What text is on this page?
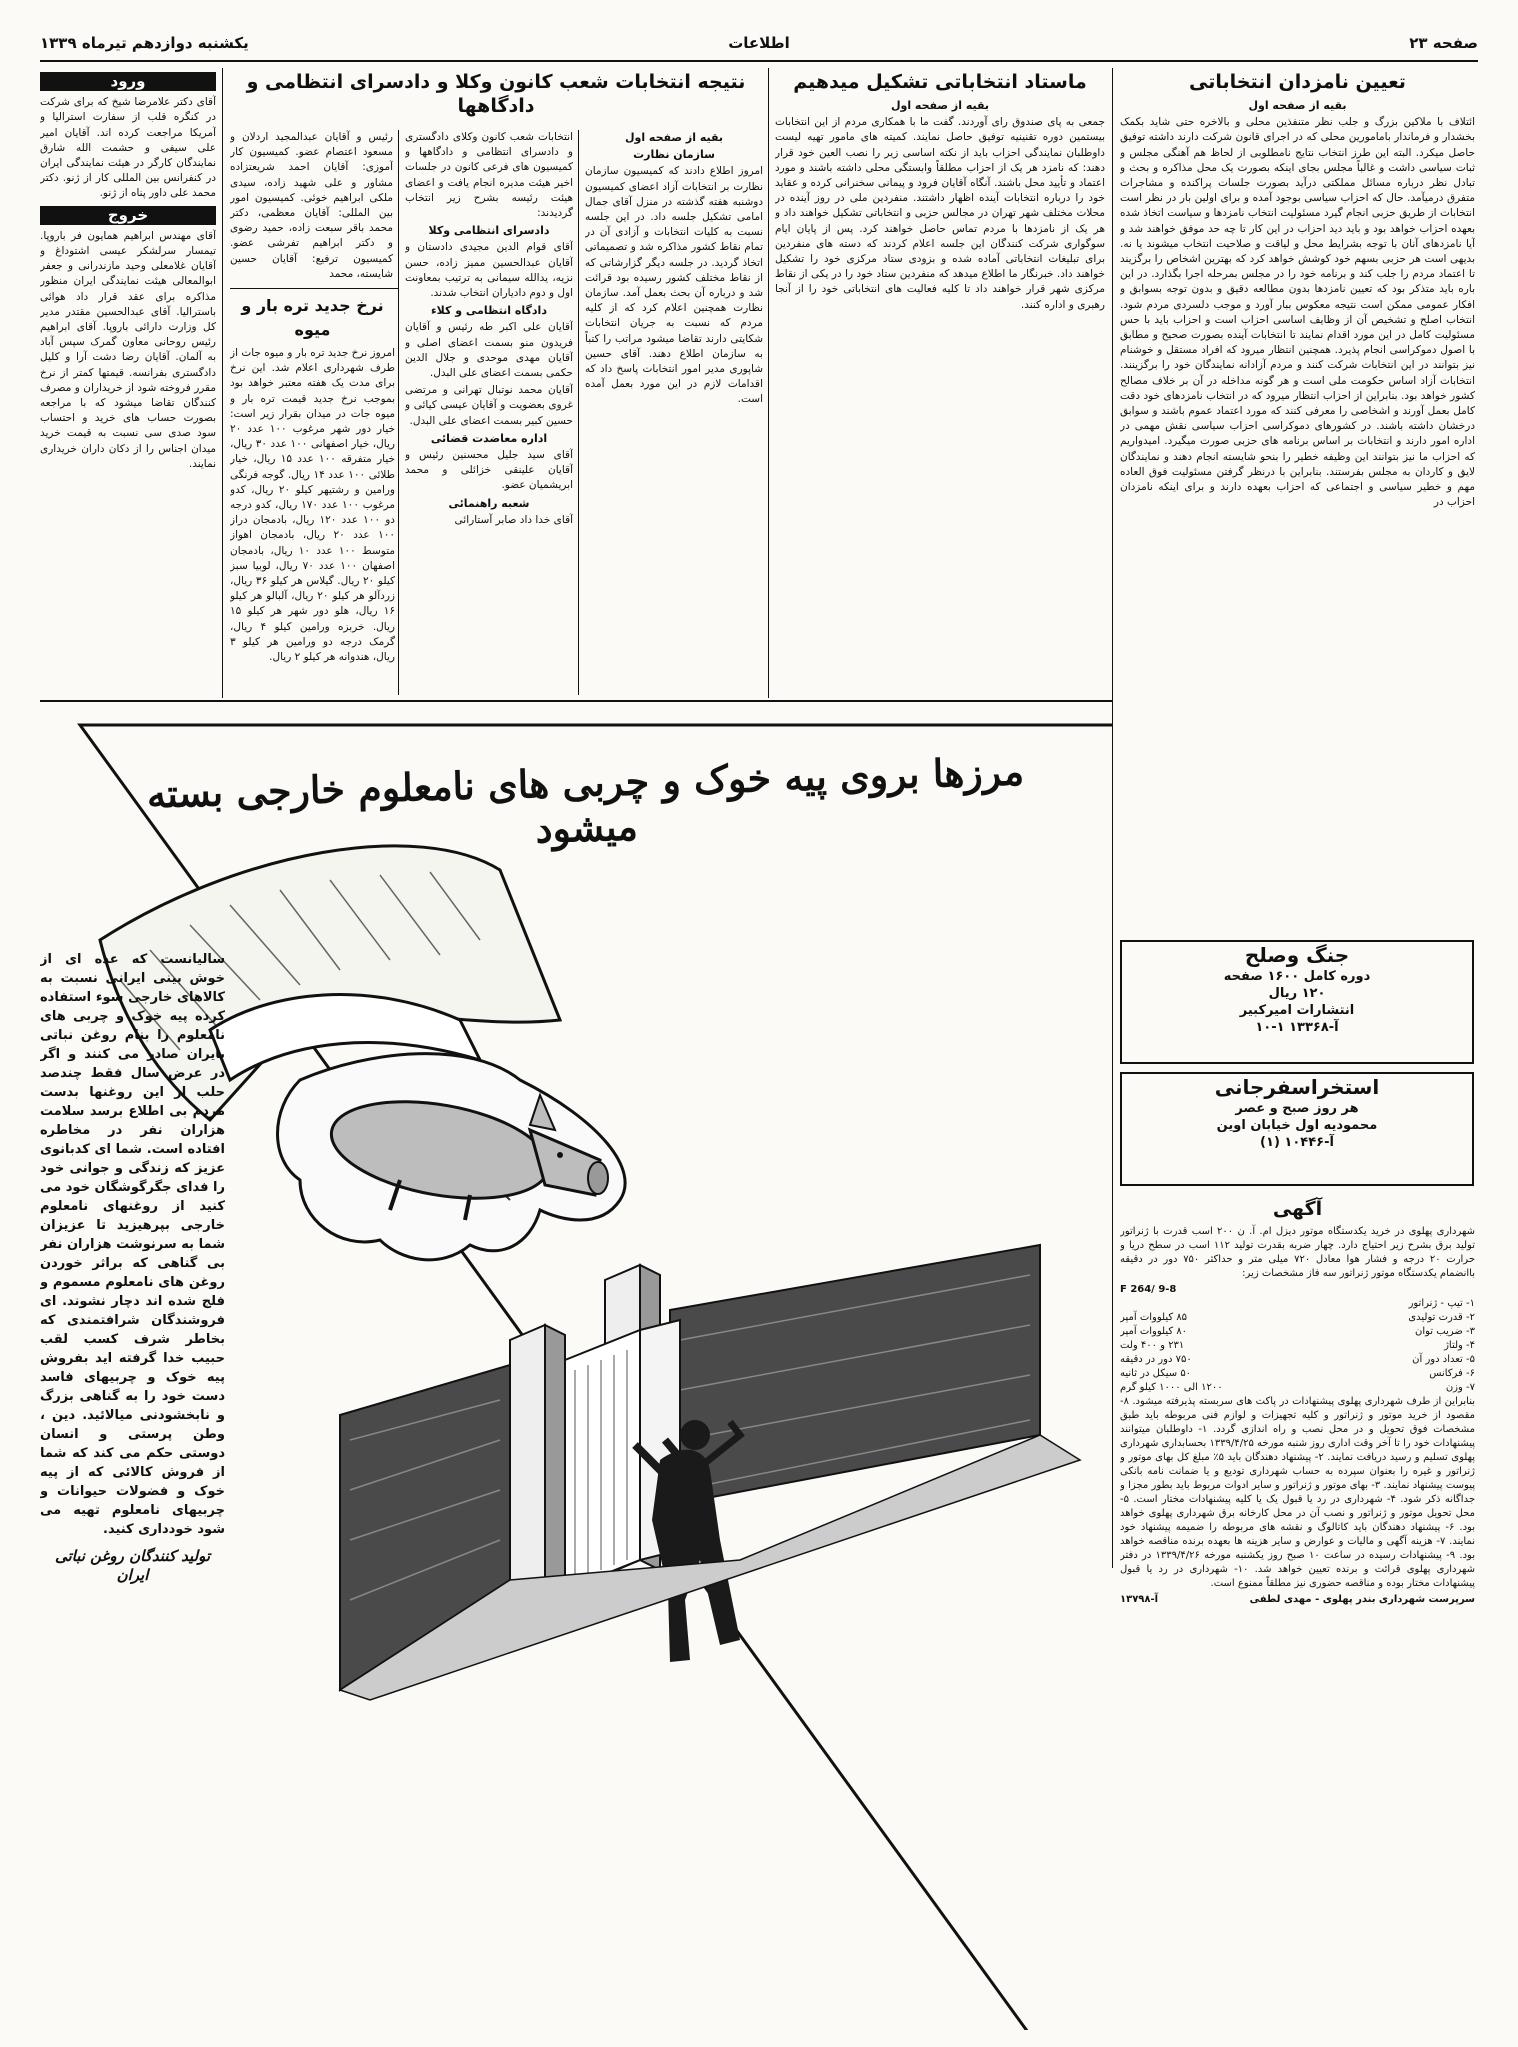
صفحه ۲۳
اطلاعات
یکشنبه دوازدهم تیرماه ۱۳۳۹
تعیین نامزدان انتخاباتی
بقیه از صفحه اول

ائتلاف با ملاکین بزرگ و جلب نظر متنفذین محلی و بالاخره حتی شاید بکمک بخشدار و فرماندار بامامورین محلی که در اجرای قانون شرکت دارند داشته توفیق حاصل میکرد. البته این طرز انتخاب نتایج نامطلوبی از لحاظ هم آهنگی مجلس و ثبات سیاسی داشت و غالباً مجلس بجای اینکه بصورت یک محل مذاکره و بحث و تبادل نظر درباره مسائل مملکتی درآید بصورت جلسات پراکنده و مشاجرات متفرق درمیآمد. حال که احزاب سیاسی بوجود آمده و برای اولین بار در نظر است انتخابات از طریق حزبی انجام گیرد مسئولیت انتخاب نامزدها و سیاست اتخاذ شده بعهده احزاب خواهد بود و باید دید احزاب در این کار تا چه حد موفق خواهند شد و آیا نامزدهای آنان با توجه بشرایط محل و لیاقت و صلاحیت انتخاب میشوند یا نه. بدیهی است هر حزبی بسهم خود کوشش خواهد کرد که بهترین اشخاص را برگزیند تا اعتماد مردم را جلب کند و برنامه خود را در مجلس بمرحله اجرا بگذارد. در این باره باید متذکر بود که تعیین نامزدها بدون مطالعه دقیق و بدون توجه بسوابق و افکار عمومی ممکن است نتیجه معکوس ببار آورد و موجب دلسردی مردم شود. انتخاب اصلح و تشخیص آن از وظایف اساسی احزاب است و احزاب باید با حس مسئولیت کامل در این مورد اقدام نمایند تا انتخابات آینده بصورت صحیح و مطابق با اصول دموکراسی انجام پذیرد. همچنین انتظار میرود که افراد مستقل و خوشنام نیز بتوانند در این انتخابات شرکت کنند و مردم آزادانه نمایندگان خود را برگزینند. انتخابات آزاد اساس حکومت ملی است و هر گونه مداخله در آن بر خلاف مصالح کشور خواهد بود. بنابراین از احزاب انتظار میرود که در انتخاب نامزدهای خود دقت کامل بعمل آورند و اشخاصی را معرفی کنند که مورد اعتماد عموم باشند و سوابق درخشان داشته باشند. در کشورهای دموکراسی احزاب سیاسی نقش مهمی در اداره امور دارند و انتخابات بر اساس برنامه های حزبی صورت میگیرد. امیدواریم که احزاب ما نیز بتوانند این وظیفه خطیر را بنحو شایسته انجام دهند و نمایندگان لایق و کاردان به مجلس بفرستند. بنابراین با درنظر گرفتن مسئولیت فوق العاده مهم و خطیر سیاسی و اجتماعی که احزاب بعهده دارند و برای اینکه نامزدان احزاب در

ماستاد انتخاباتی تشکیل میدهیم
بقیه از صفحه اول

جمعی به پای صندوق رای آوردند. گفت ما با همکاری مردم از این انتخابات بیستمین دوره تقنینیه توفیق حاصل نمایند. کمیته های مامور تهیه لیست داوطلبان نمایندگی احزاب باید از نکته اساسی زیر را نصب العین خود قرار دهند: که نامزد هر یک از احزاب مطلقاً وابستگی محلی داشته باشند و مورد اعتماد و تأیید محل باشند. آنگاه آقایان فرود و پیمانی سخنرانی کرده و عقاید خود را درباره انتخابات آینده اظهار داشتند. منفردین ملی در روز آینده در محلات مختلف شهر تهران در مجالس حزبی و انتخاباتی تشکیل خواهند داد و هر یک از نامزدها با مردم تماس حاصل خواهند کرد. پس از پایان ایام سوگواری شرکت کنندگان این جلسه اعلام کردند که دسته های منفردین برای تبلیغات انتخاباتی آماده شده و بزودی ستاد مرکزی خود را تشکیل خواهند داد. خبرنگار ما اطلاع میدهد که منفردین ستاد خود را در یکی از نقاط مرکزی شهر قرار خواهند داد تا کلیه فعالیت های انتخاباتی خود را از آنجا رهبری و اداره کنند.

نتیجه انتخابات شعب کانون وکلا و دادسرای انتظامی و دادگاهها
بقیه از صفحه اول
سازمان نظارت

امروز اطلاع دادند که کمیسیون سازمان نظارت بر انتخابات آزاد اعضای کمیسیون دوشنبه هفته گذشته در منزل آقای جمال امامی تشکیل جلسه داد. در این جلسه نسبت به کلیات انتخابات و آزادی آن در تمام نقاط کشور مذاکره شد و تصمیماتی اتخاذ گردید. در جلسه دیگر گزارشاتی که از نقاط مختلف کشور رسیده بود قرائت شد و درباره آن بحث بعمل آمد. سازمان نظارت همچنین اعلام کرد که از کلیه مردم که نسبت به جریان انتخابات شکایتی دارند تقاضا میشود مراتب را کتباً به سازمان اطلاع دهند. آقای حسین شاپوری مدیر امور انتخابات پاسخ داد که اقدامات لازم در این مورد بعمل آمده است.

انتخابات شعب کانون وکلای دادگستری و دادسرای انتظامی و دادگاهها و کمیسیون های فرعی کانون در جلسات اخیر هیئت مدیره انجام یافت و اعضای هیئت رئیسه بشرح زیر انتخاب گردیدند:

دادسرای انتظامی وکلا

آقای قوام الدین مجیدی دادستان و آقایان عبدالحسین ممیز زاده، حسن نزیه، یدالله سیمانی به ترتیب بمعاونت اول و دوم دادیاران انتخاب شدند.

دادگاه انتظامی و کلاء

آقایان علی اکبر طه رئیس و آقایان فریدون منو بسمت اعضای اصلی و آقایان مهدی موحدی و جلال الدین حکمی بسمت اعضای علی البدل.

آقایان محمد نوتبال تهرانی و مرتضی غروی بعضویت و آقایان عیسی کیائی و حسین کبیر بسمت اعضای علی البدل.

اداره معاضدت قضائی

آقای سید جلیل محسنین رئیس و آقایان علینقی خزائلی و محمد ابریشمیان عضو.

شعبه راهنمائی

آقای خدا داد صابر آستارائی

رئیس و آقایان عبدالمجید اردلان و مسعود اعتصام عضو. کمیسیون کار آموزی: آقایان احمد شریعتزاده مشاور و علی شهید زاده، سیدی ملکی ابراهیم خوئی. کمیسیون امور بین المللی: آقایان معظمی، دکتر محمد باقر سبعت زاده، حمید رضوی و دکتر ابراهیم تفرشی عضو. کمیسیون ترفیع: آقایان حسین شایسته، محمد

نرخ جدید تره بار و میوه

امروز نرخ جدید تره بار و میوه جات از طرف شهرداری اعلام شد. این نرخ برای مدت یک هفته معتبر خواهد بود بموجب نرخ جدید قیمت تره بار و میوه جات در میدان بقرار زیر است: خیار دور شهر مرغوب ۱۰۰ عدد ۲۰ ریال، خیار اصفهانی ۱۰۰ عدد ۳۰ ریال، خیار متفرقه ۱۰۰ عدد ۱۵ ریال، خیار طلائی ۱۰۰ عدد ۱۴ ریال. گوجه فرنگی ورامین و رشتیهر کیلو ۲۰ ریال، کدو مرغوب ۱۰۰ عدد ۱۷۰ ریال، کدو درجه دو ۱۰۰ عدد ۱۲۰ ریال، بادمجان دراز ۱۰۰ عدد ۲۰ ریال، بادمجان اهواز متوسط ۱۰۰ عدد ۱۰ ریال، بادمجان اصفهان ۱۰۰ عدد ۷۰ ریال، لوبیا سبز کیلو ۲۰ ریال. گیلاس هر کیلو ۳۶ ریال، زردآلو هر کیلو ۲۰ ریال، آلبالو هر کیلو ۱۶ ریال، هلو دور شهر هر کیلو ۱۵ ریال. خربزه ورامین کیلو ۴ ریال، گرمک درجه دو ورامین هر کیلو ۳ ریال، هندوانه هر کیلو ۲ ریال.

ورود

آقای دکتر علامرضا شیخ که برای شرکت در کنگره قلب از سفارت استرالیا و آمریکا مراجعت کرده اند. آقایان امیر علی سیفی و حشمت الله شارق نمایندگان کارگر در هیئت نمایندگی ایران در کنفرانس بین المللی کار از ژنو. دکتر محمد علی داور پناه از ژنو.

خروج

آقای مهندس ابراهیم همایون فر باروپا. تیمسار سرلشکر عیسی اشتوداغ و آقایان غلامعلی وحید مازندرانی و جعفر ابوالمعالی هیئت نمایندگی ایران منظور مذاکره برای عقد قرار داد هوائی باسترالیا. آقای عبدالحسین مقتدر مدیر کل وزارت دارائی باروپا. آقای ابراهیم رئیس روحانی معاون گمرک سپس آباد به آلمان. آقایان رضا دشت آرا و کلیل دادگستری بفرانسه. قیمتها کمتر از نرخ مقرر فروخته شود از خریداران و مصرف کنندگان تقاضا میشود که با مراجعه بصورت حساب های خرید و احتساب سود صدی سی نسبت به قیمت خرید میدان اجناس را از دکان داران خریداری نمایند.

جنگ وصلح
دوره کامل ۱۶۰۰ صفحه
۱۲۰ ریال
انتشارات امیرکبیر
آ-۱۳۳۶۸ ۱-۱۰
استخراسفرجانی
هر روز صبح و عصر
محمودیه اول خیابان اوین
آ-۱۰۴۴۶ (۱)
آگهی

شهرداری پهلوی در خرید یکدستگاه موتور دیزل ام. آ. ن ۲۰۰ اسب قدرت با ژنراتور تولید برق بشرح زیر احتیاج دارد. چهار ضربه بقدرت تولید ۱۱۲ اسب در سطح دریا و حرارت ۲۰ درجه و فشار هوا معادل ۷۲۰ میلی متر و حداکثر ۷۵۰ دور در دقیقه باانضمام یکدستگاه موتور ژنراتور سه فاز مشخصات زیر:

F 264/ 9-8
۱- تیپ - ژنراتور
۲- قدرت تولیدی
۸۵ کیلووات آمپر
۳- ضریب توان
۸۰ کیلووات آمپر
۴- ولتاژ
۲۳۱ و ۴۰۰ ولت
۵- تعداد دور آن
۷۵۰ دور در دقیقه
۶- فرکانس
۵۰ سیکل در ثانیه
۷- وزن
۱۲۰۰ الی ۱۰۰۰ کیلو گرم

بنابراین از طرف شهرداری پهلوی پیشنهادات در پاکت های سربسته پذیرفته میشود. ۸- مقصود از خرید موتور و ژنراتور و کلیه تجهیزات و لوازم فنی مربوطه باید طبق مشخصات فوق تحویل و در محل نصب و راه اندازی گردد. ۱- داوطلبان میتوانند پیشنهادات خود را تا آخر وقت اداری روز شنبه مورخه ۱۳۳۹/۴/۲۵ بحسابداری شهرداری پهلوی تسلیم و رسید دریافت نمایند. ۲- پیشنهاد دهندگان باید ۵٪ مبلغ کل بهای موتور و ژنراتور و غیره را بعنوان سپرده به حساب شهرداری تودیع و یا ضمانت نامه بانکی پیوست پیشنهاد نمایند. ۳- بهای موتور و ژنراتور و سایر ادوات مربوط باید بطور مجزا و جداگانه ذکر شود. ۴- شهرداری در رد یا قبول یک یا کلیه پیشنهادات مختار است. ۵- محل تحویل موتور و ژنراتور و نصب آن در محل کارخانه برق شهرداری پهلوی خواهد بود. ۶- پیشنهاد دهندگان باید کاتالوگ و نقشه های مربوطه را ضمیمه پیشنهاد خود نمایند. ۷- هزینه آگهی و مالیات و عوارض و سایر هزینه ها بعهده برنده مناقصه خواهد بود. ۹- پیشنهادات رسیده در ساعت ۱۰ صبح روز یکشنبه مورخه ۱۳۳۹/۴/۲۶ در دفتر شهرداری پهلوی قرائت و برنده تعیین خواهد شد. ۱۰- شهرداری در رد یا قبول پیشنهادات مختار بوده و مناقصه حضوری نیز مطلقاً ممنوع است.

سرپرست شهرداری بندر پهلوی - مهدی لطفی
آ-۱۳۷۹۸
مرزها بروی پیه خوک و چربی های نامعلوم خارجی بسته میشود

سالیانست که عده ای از خوش بینی ایرانی نسبت به کالاهای خارجی سوء استفاده کرده پیه خوک و چربی های نامعلوم را بنام روغن نباتی بایران صادر می کنند و اگر در عرض سال فقط چندصد حلب از این روغنها بدست مردم بی اطلاع برسد سلامت هزاران نفر در مخاطره افتاده است. شما ای کدبانوی عزیز که زندگی و جوانی خود را فدای جگرگوشگان خود می کنید از روغنهای نامعلوم خارجی بپرهیزید تا عزیزان شما به سرنوشت هزاران نفر بی گناهی که براثر خوردن روغن های نامعلوم مسموم و فلج شده اند دچار نشوند. ای فروشندگان شرافتمندی که بخاطر شرف کسب لقب حبیب خدا گرفته اید بفروش پیه خوک و چربیهای فاسد دست خود را به گناهی بزرگ و نابخشودنی میالائید. دین ، وطن پرستی و انسان دوستی حکم می کند که شما از فروش کالائی که از پیه خوک و فضولات حیوانات و چربیهای نامعلوم تهیه می شود خودداری کنید.

تولید کنندگان روغن نباتی ایران
